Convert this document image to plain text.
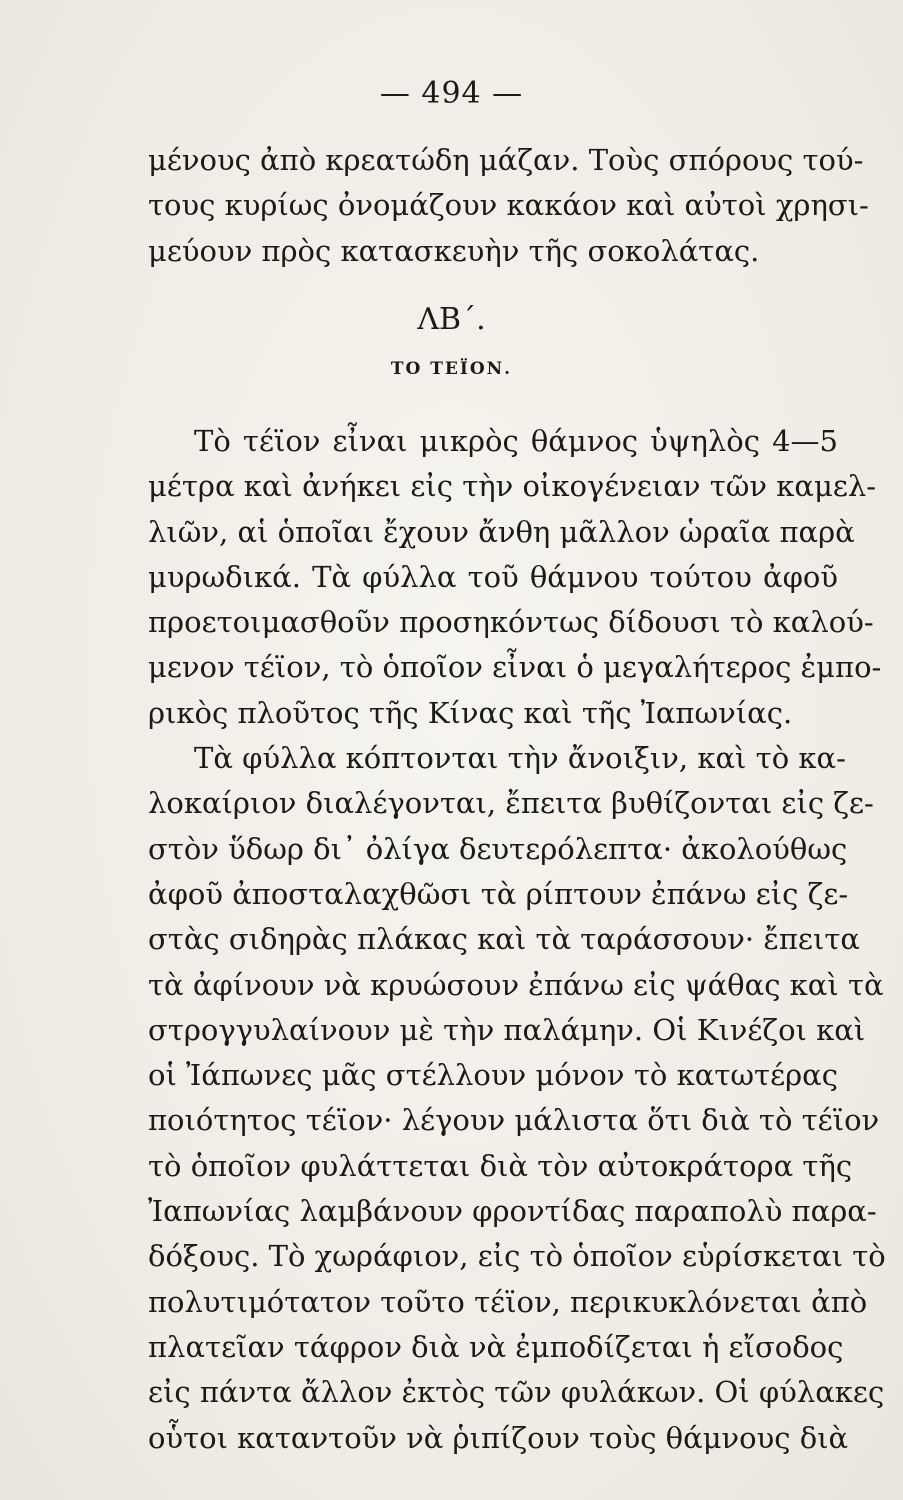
— 494 —
μένους ἀπὸ κρεατώδη μάζαν. Τοὺς σπόρους τού-
τους κυρίως ὀνομάζουν κακάον καὶ αὐτοὶ χρησι-
μεύουν πρὸς κατασκευὴν τῆς σοκολάτας.
ΛΒ΄.
ΤΟ ΤΕΪΟΝ.
Τὸ τέϊον εἶναι μικρὸς θάμνος ὑψηλὸς 4—5
μέτρα καὶ ἀνήκει εἰς τὴν οἰκογένειαν τῶν καμελ-
λιῶν, αἱ ὁποῖαι ἔχουν ἄνθη μᾶλλον ὡραῖα παρὰ
μυρωδικά. Τὰ φύλλα τοῦ θάμνου τούτου ἀφοῦ
προετοιμασθοῦν προσηκόντως δίδουσι τὸ καλού-
μενον τέϊον, τὸ ὁποῖον εἶναι ὁ μεγαλήτερος ἐμπο-
ρικὸς πλοῦτος τῆς Κίνας καὶ τῆς Ἰαπωνίας.
Τὰ φύλλα κόπτονται τὴν ἄνοιξιν, καὶ τὸ κα-
λοκαίριον διαλέγονται, ἔπειτα βυθίζονται εἰς ζε-
στὸν ὕδωρ δι᾽ ὀλίγα δευτερόλεπτα· ἀκολούθως
ἀφοῦ ἀποσταλαχθῶσι τὰ ρίπτουν ἐπάνω εἰς ζε-
στὰς σιδηρὰς πλάκας καὶ τὰ ταράσσουν· ἔπειτα
τὰ ἀφίνουν νὰ κρυώσουν ἐπάνω εἰς ψάθας καὶ τὰ
στρογγυλαίνουν μὲ τὴν παλάμην. Οἱ Κινέζοι καὶ
οἱ Ἰάπωνες μᾶς στέλλουν μόνον τὸ κατωτέρας
ποιότητος τέϊον· λέγουν μάλιστα ὅτι διὰ τὸ τέϊον
τὸ ὁποῖον φυλάττεται διὰ τὸν αὐτοκράτορα τῆς
Ἰαπωνίας λαμβάνουν φροντίδας παραπολὺ παρα-
δόξους. Τὸ χωράφιον, εἰς τὸ ὁποῖον εὑρίσκεται τὸ
πολυτιμότατον τοῦτο τέϊον, περικυκλόνεται ἀπὸ
πλατεῖαν τάφρον διὰ νὰ ἐμποδίζεται ἡ εἴσοδος
εἰς πάντα ἄλλον ἐκτὸς τῶν φυλάκων. Οἱ φύλακες
οὗτοι καταντοῦν νὰ ῥιπίζουν τοὺς θάμνους διὰ
